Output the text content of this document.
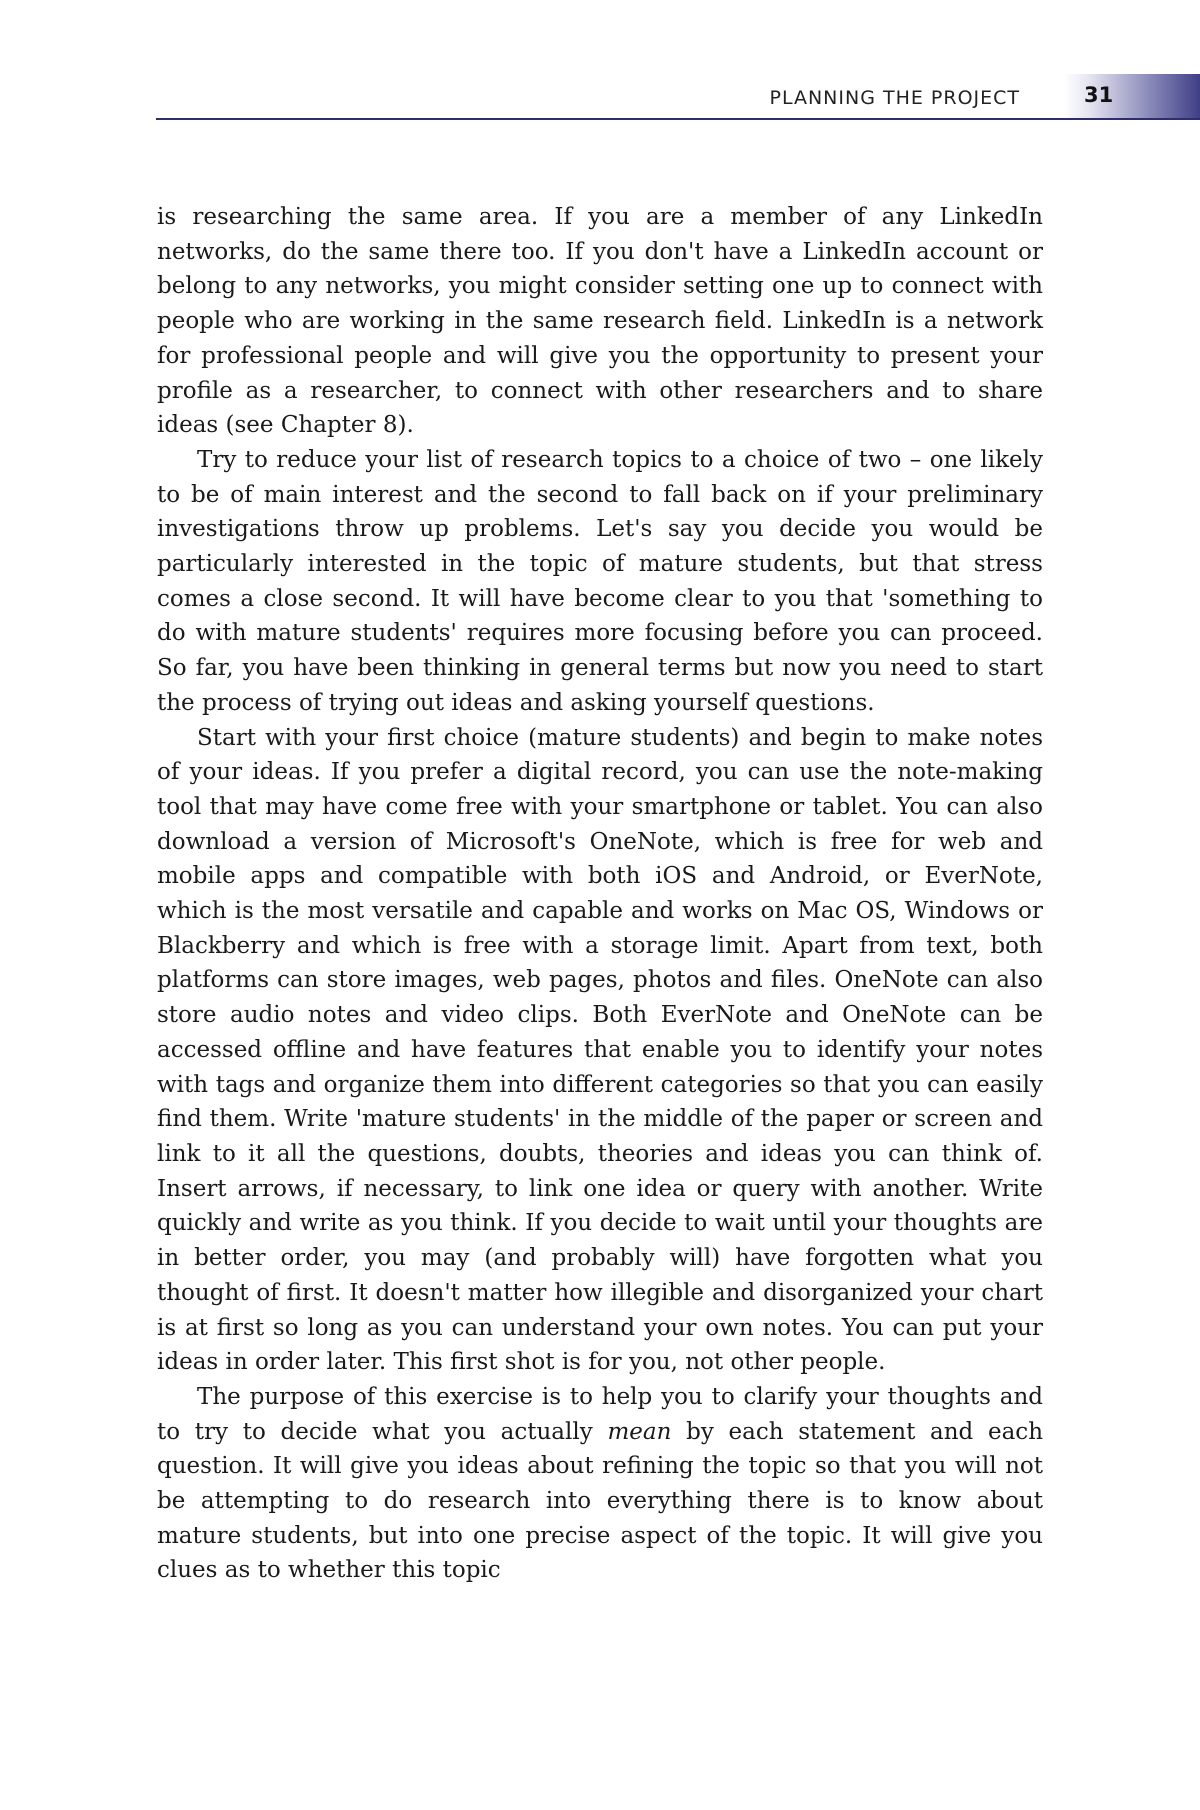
PLANNING THE PROJECT	31

is researching the same area. If you are a member of any LinkedIn networks, do the same there too. If you don't have a LinkedIn account or belong to any networks, you might consider setting one up to connect with people who are working in the same research field. LinkedIn is a network for professional people and will give you the opportunity to present your profile as a researcher, to connect with other researchers and to share ideas (see Chapter 8).

Try to reduce your list of research topics to a choice of two – one likely to be of main interest and the second to fall back on if your preliminary investigations throw up problems. Let's say you decide you would be particularly interested in the topic of mature students, but that stress comes a close second. It will have become clear to you that 'something to do with mature students' requires more focusing before you can proceed. So far, you have been thinking in general terms but now you need to start the process of trying out ideas and asking yourself questions.

Start with your first choice (mature students) and begin to make notes of your ideas. If you prefer a digital record, you can use the note-making tool that may have come free with your smartphone or tablet. You can also download a version of Microsoft's OneNote, which is free for web and mobile apps and compatible with both iOS and Android, or EverNote, which is the most versatile and capable and works on Mac OS, Windows or Blackberry and which is free with a storage limit. Apart from text, both platforms can store images, web pages, photos and files. OneNote can also store audio notes and video clips. Both EverNote and OneNote can be accessed offline and have features that enable you to identify your notes with tags and organize them into different categories so that you can easily find them. Write 'mature students' in the middle of the paper or screen and link to it all the questions, doubts, theories and ideas you can think of. Insert arrows, if necessary, to link one idea or query with another. Write quickly and write as you think. If you decide to wait until your thoughts are in better order, you may (and probably will) have forgotten what you thought of first. It doesn't matter how illegible and disorganized your chart is at first so long as you can understand your own notes. You can put your ideas in order later. This first shot is for you, not other people.

The purpose of this exercise is to help you to clarify your thoughts and to try to decide what you actually mean by each statement and each question. It will give you ideas about refining the topic so that you will not be attempting to do research into everything there is to know about mature students, but into one precise aspect of the topic. It will give you clues as to whether this topic
